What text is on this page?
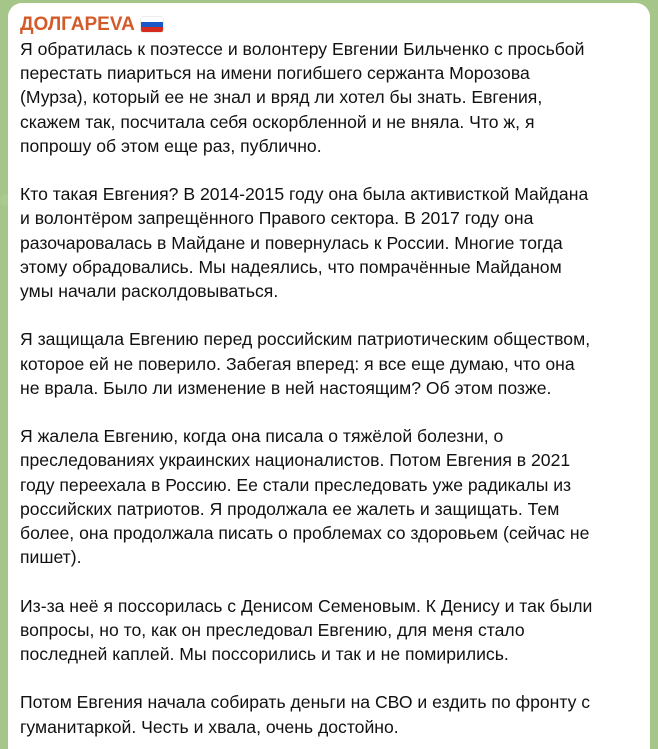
ДОЛГАРЕVA

Я обратилась к поэтессе и волонтеру Евгении Бильченко с просьбой
перестать пиариться на имени погибшего сержанта Морозова
(Мурза), который ее не знал и вряд ли хотел бы знать. Евгения,
скажем так, посчитала себя оскорбленной и не вняла. Что ж, я
попрошу об этом еще раз, публично.

Кто такая Евгения? В 2014-2015 году она была активисткой Майдана
и волонтёром запрещённого Правого сектора. В 2017 году она
разочаровалась в Майдане и повернулась к России. Многие тогда
этому обрадовались. Мы надеялись, что помрачённые Майданом
умы начали расколдовываться.

Я защищала Евгению перед российским патриотическим обществом,
которое ей не поверило. Забегая вперед: я все еще думаю, что она
не врала. Было ли изменение в ней настоящим? Об этом позже.

Я жалела Евгению, когда она писала о тяжёлой болезни, о
преследованиях украинских националистов. Потом Евгения в 2021
году переехала в Россию. Ее стали преследовать уже радикалы из
российских патриотов. Я продолжала ее жалеть и защищать. Тем
более, она продолжала писать о проблемах со здоровьем (сейчас не
пишет).

Из-за неё я поссорилась с Денисом Семеновым. К Денису и так были
вопросы, но то, как он преследовал Евгению, для меня стало
последней каплей. Мы поссорились и так и не помирились.

Потом Евгения начала собирать деньги на СВО и ездить по фронту с
гуманитаркой. Честь и хвала, очень достойно.
